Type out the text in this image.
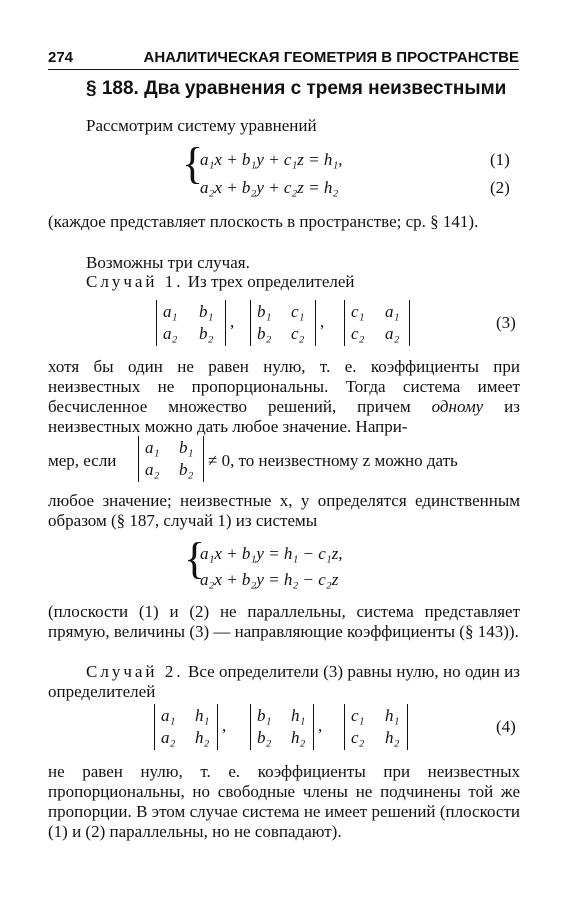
274	АНАЛИТИЧЕСКАЯ ГЕОМЕТРИЯ В ПРОСТРАНСТВЕ
§ 188. Два уравнения с тремя неизвестными
Рассмотрим систему уравнений
{
a₁x + b₁y + c₁z = h₁,	(1)
a₂x + b₂y + c₂z = h₂	(2)
(каждое представляет плоскость в пространстве; ср. § 141).
Возможны три случая.
Случай 1. Из трех определителей
a₁ b₁
a₂ b₂
,
b₁ c₁
b₂ c₂
,
c₁ a₁
c₂ a₂
(3)
хотя бы один не равен нулю, т. е. коэффициенты при неизвестных не пропорциональны. Тогда система имеет бесчисленное множество решений, причем одному из неизвестных можно дать любое значение. Напри-
мер, если
a₁ b₁
a₂ b₂ ≠ 0, то неизвестному z можно дать
любое значение; неизвестные x, y определятся единственным образом (§ 187, случай 1) из системы
{
a₁x + b₁y = h₁ − c₁z,
a₂x + b₂y = h₂ − c₂z
(плоскости (1) и (2) не параллельны, система представляет прямую, величины (3) — направляющие коэффициенты (§ 143)).
Случай 2. Все определители (3) равны нулю, но один из определителей
a₁ h₁
a₂ h₂
,
b₁ h₁
b₂ h₂
,
c₁ h₁
c₂ h₂
(4)
не равен нулю, т. е. коэффициенты при неизвестных пропорциональны, но свободные члены не подчинены той же пропорции. В этом случае система не имеет решений (плоскости (1) и (2) параллельны, но не совпадают).
